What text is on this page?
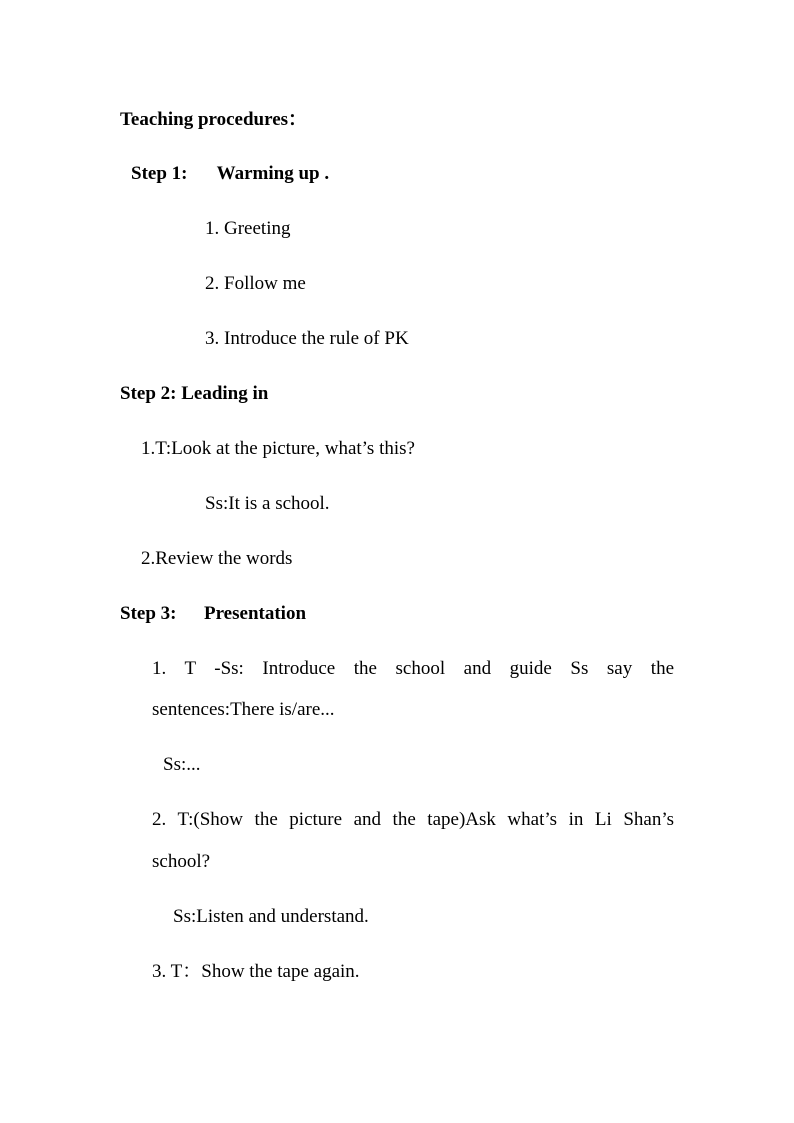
Teaching procedures：
Step 1: Warming up .
1. Greeting
2. Follow me
3. Introduce the rule of PK
Step 2: Leading in
1.T:Look at the picture, what’s this?
Ss:It is a school.
2.Review the words
Step 3: Presentation
1. T -Ss: Introduce the school and guide Ss say the
sentences:There is/are...
Ss:...
2. T:(Show the picture and the tape)Ask what’s in Li Shan’s
school?
Ss:Listen and understand.
3. T：Show the tape again.
